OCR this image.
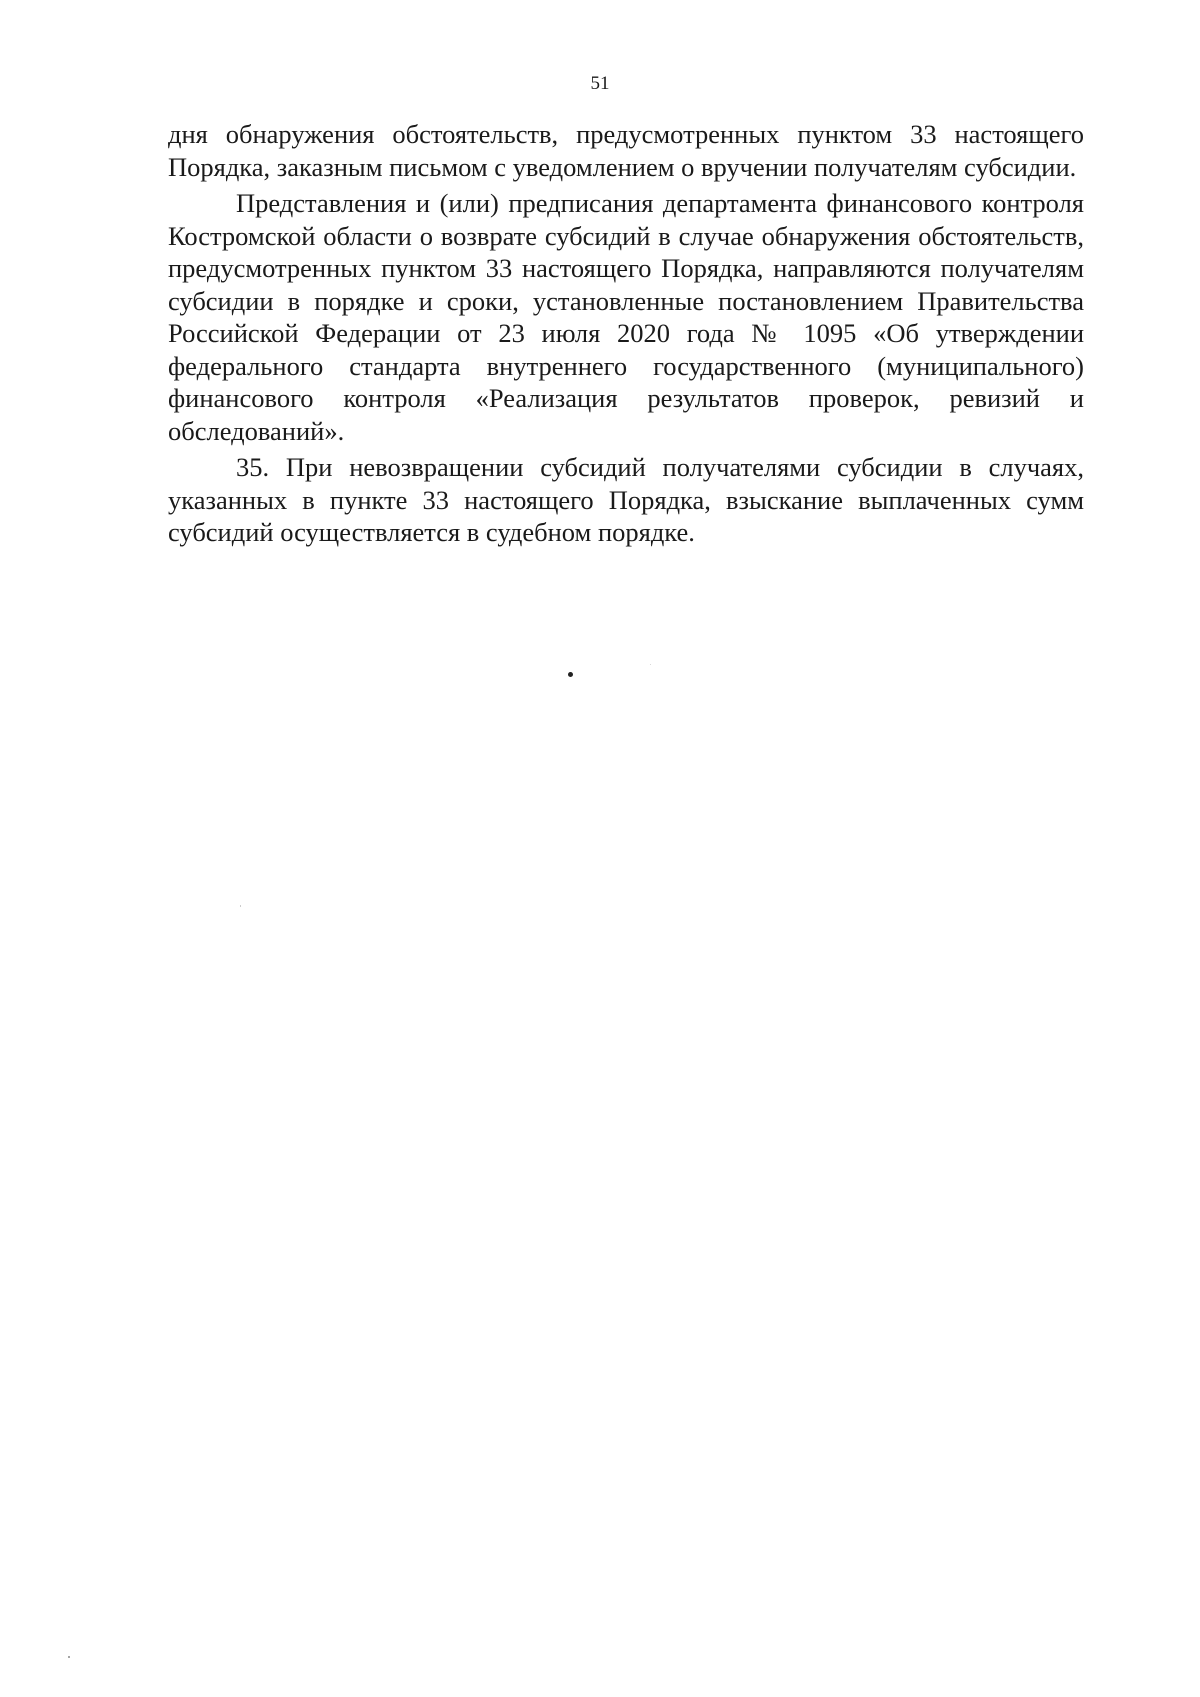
51

дня обнаружения обстоятельств, предусмотренных пунктом 33 настоящего Порядка, заказным письмом с уведомлением о вручении получателям субсидии.

Представления и (или) предписания департамента финансового контроля Костромской области о возврате субсидий в случае обнаружения обстоятельств, предусмотренных пунктом 33 настоящего Порядка, направляются получателям субсидии в порядке и сроки, установленные постановлением Правительства Российской Федерации от 23 июля 2020 года № 1095 «Об утверждении федерального стандарта внутреннего государственного (муниципального) финансового контроля «Реализация результатов проверок, ревизий и обследований».

35. При невозвращении субсидий получателями субсидии в случаях, указанных в пункте 33 настоящего Порядка, взыскание выплаченных сумм субсидий осуществляется в судебном порядке.
